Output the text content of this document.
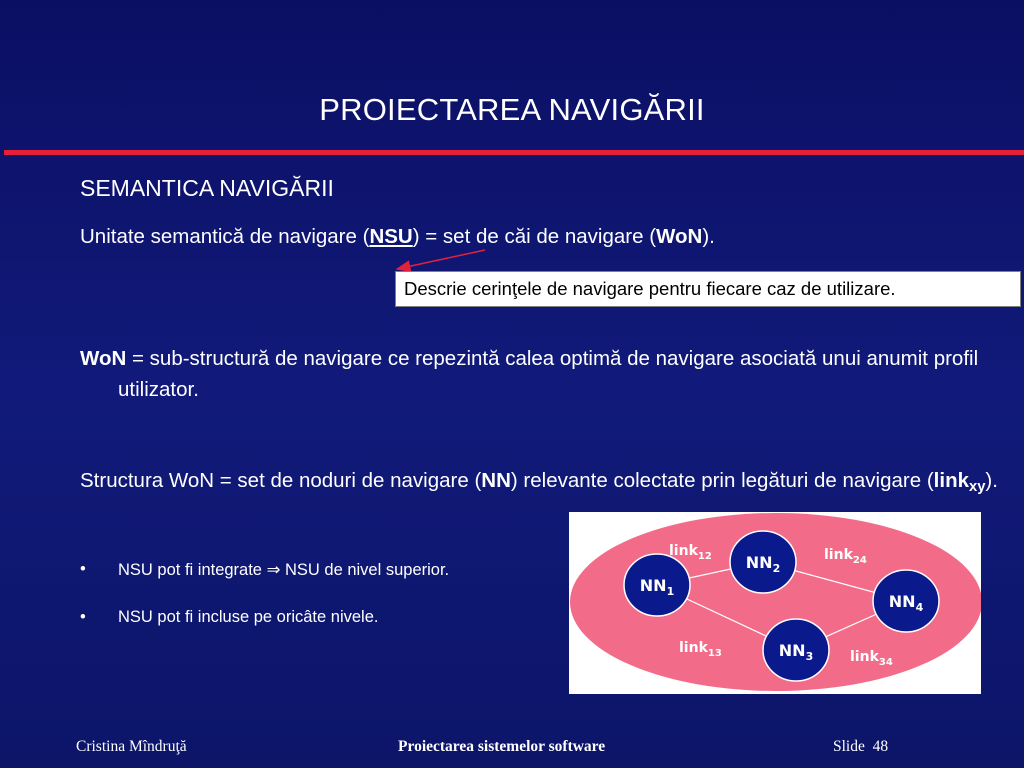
PROIECTAREA NAVIGĂRII
SEMANTICA NAVIGĂRII
Unitate semantică de navigare (NSU) = set de căi de navigare (WoN).
Descrie cerinţele de navigare pentru fiecare caz de utilizare.
WoN = sub-structură de navigare ce repezintă calea optimă de navigare asociată unui anumit profil utilizator.
Structura WoN = set de noduri de navigare (NN) relevante colectate prin legături de navigare (link$_{xy}$).
• NSU pot fi integrate ⇒ NSU de nivel superior.
• NSU pot fi incluse pe oricâte nivele.
$NN_1$
$NN_2$
$NN_3$
$NN_4$
link$_{12}$	link$_{24}$
link$_{13}$	link$_{34}$
Cristina Mîndruţă	Proiectarea sistemelor software	Slide 48
